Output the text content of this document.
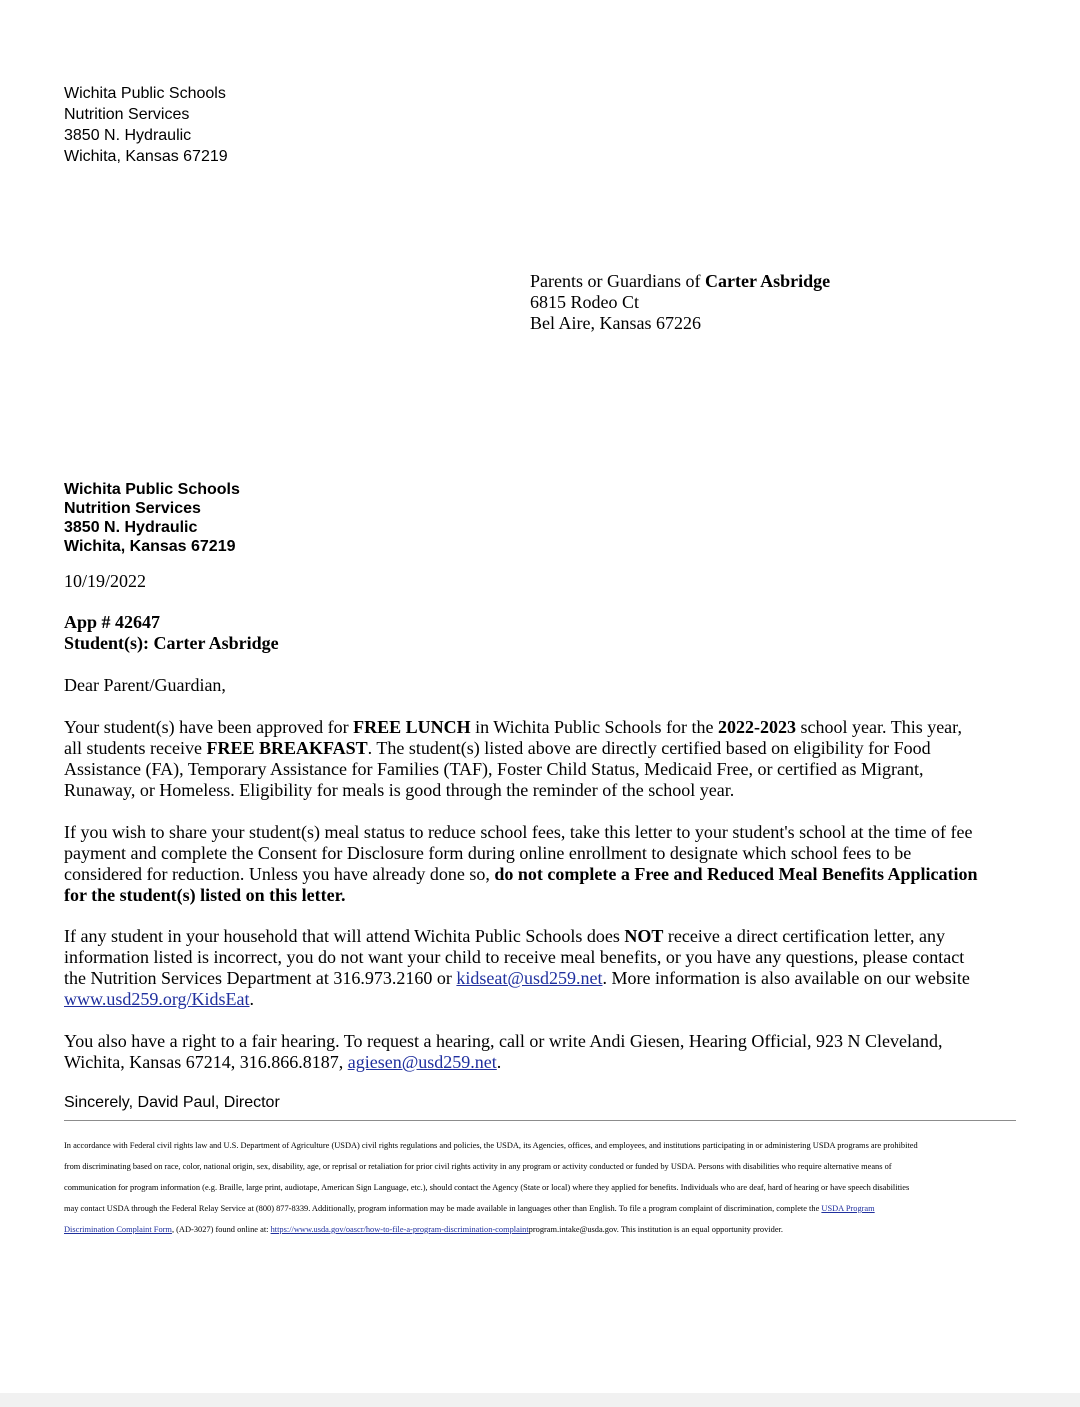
Wichita Public Schools
Nutrition Services
3850 N. Hydraulic
Wichita, Kansas 67219
Parents or Guardians of Carter Asbridge
6815 Rodeo Ct
Bel Aire, Kansas 67226
Wichita Public Schools
Nutrition Services
3850 N. Hydraulic
Wichita, Kansas 67219
10/19/2022
App # 42647
Student(s): Carter Asbridge
Dear Parent/Guardian,
Your student(s) have been approved for FREE LUNCH in Wichita Public Schools for the 2022-2023 school year. This year,
all students receive FREE BREAKFAST. The student(s) listed above are directly certified based on eligibility for Food
Assistance (FA), Temporary Assistance for Families (TAF), Foster Child Status, Medicaid Free, or certified as Migrant,
Runaway, or Homeless. Eligibility for meals is good through the reminder of the school year.
If you wish to share your student(s) meal status to reduce school fees, take this letter to your student's school at the time of fee
payment and complete the Consent for Disclosure form during online enrollment to designate which school fees to be
considered for reduction. Unless you have already done so, do not complete a Free and Reduced Meal Benefits Application
for the student(s) listed on this letter.
If any student in your household that will attend Wichita Public Schools does NOT receive a direct certification letter, any
information listed is incorrect, you do not want your child to receive meal benefits, or you have any questions, please contact
the Nutrition Services Department at 316.973.2160 or kidseat@usd259.net. More information is also available on our website
www.usd259.org/KidsEat.
You also have a right to a fair hearing. To request a hearing, call or write Andi Giesen, Hearing Official, 923 N Cleveland,
Wichita, Kansas 67214, 316.866.8187, agiesen@usd259.net.
Sincerely, David Paul, Director
In accordance with Federal civil rights law and U.S. Department of Agriculture (USDA) civil rights regulations and policies, the USDA, its Agencies, offices, and employees, and institutions participating in or administering USDA programs are prohibited
from discriminating based on race, color, national origin, sex, disability, age, or reprisal or retaliation for prior civil rights activity in any program or activity conducted or funded by USDA. Persons with disabilities who require alternative means of
communication for program information (e.g. Braille, large print, audiotape, American Sign Language, etc.), should contact the Agency (State or local) where they applied for benefits. Individuals who are deaf, hard of hearing or have speech disabilities
may contact USDA through the Federal Relay Service at (800) 877-8339. Additionally, program information may be made available in languages other than English. To file a program complaint of discrimination, complete the USDA Program
Discrimination Complaint Form, (AD-3027) found online at: https://www.usda.gov/oascr/how-to-file-a-program-discrimination-complaintprogram.intake@usda.gov. This institution is an equal opportunity provider.
